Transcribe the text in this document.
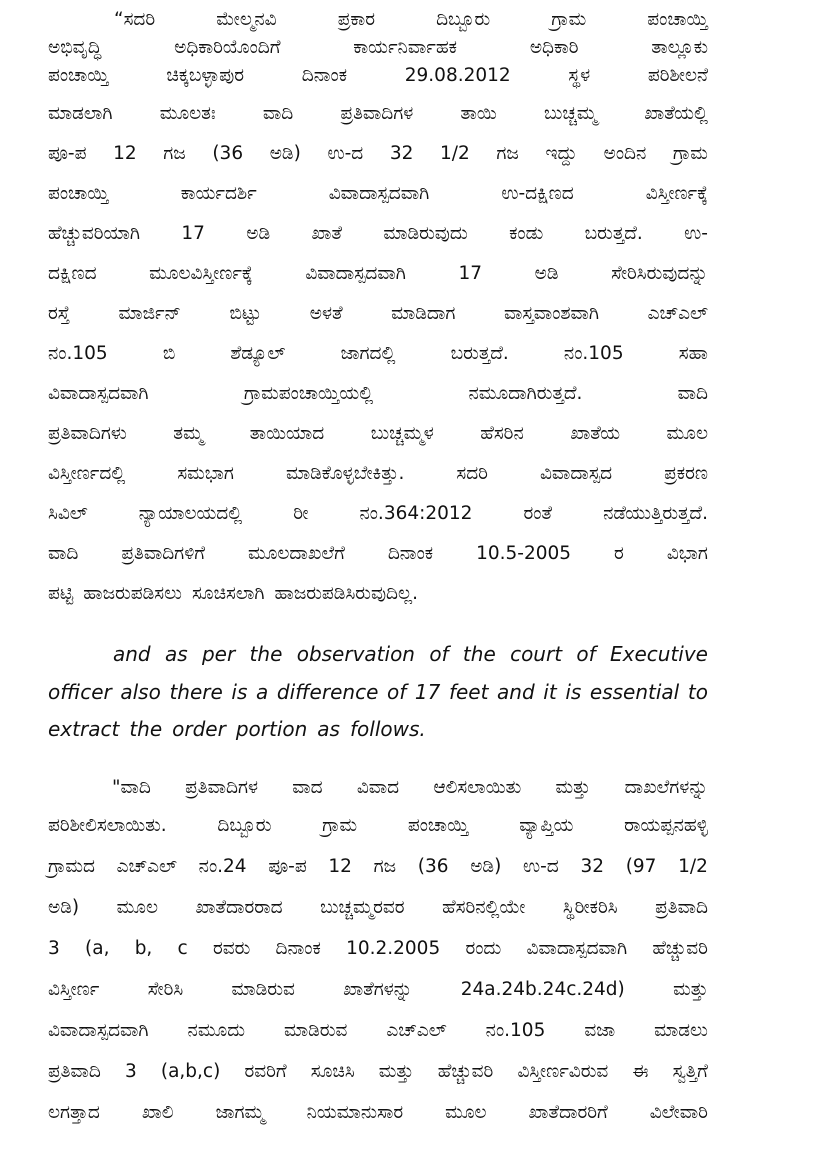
“ಸದರಿ	ಮೇಲ್ಮನವಿ	ಪ್ರಕಾರ	ದಿಬ್ಬೂರು	ಗ್ರಾಮ	ಪಂಚಾಯ್ತಿ
ಅಭಿವೃದ್ಧಿ	ಅಧಿಕಾರಿಯೊಂದಿಗೆ	ಕಾರ್ಯನಿರ್ವಾಹಕ	ಅಧಿಕಾರಿ	ತಾಲ್ಲೂಕು
ಪಂಚಾಯ್ತಿ	ಚಿಕ್ಕಬಳ್ಳಾಪುರ	ದಿನಾಂಕ	29.08.2012	ಸ್ಥಳ	ಪರಿಶೀಲನೆ
ಮಾಡಲಾಗಿ	ಮೂಲತಃ	ವಾದಿ	ಪ್ರತಿವಾದಿಗಳ	ತಾಯಿ	ಬುಚ್ಚಮ್ಮ	ಖಾತೆಯಲ್ಲಿ
ಪೂ-ಪ 12 ಗಜ (36 ಅಡಿ) ಉ-ದ 32 1/2 ಗಜ ಇದ್ದು ಅಂದಿನ ಗ್ರಾಮ
ಪಂಚಾಯ್ತಿ	ಕಾರ್ಯದರ್ಶಿ	ವಿವಾದಾಸ್ಪದವಾಗಿ	ಉ-ದಕ್ಷಿಣದ	ವಿಸ್ತೀರ್ಣಕ್ಕೆ
ಹೆಚ್ಚುವರಿಯಾಗಿ 17 ಅಡಿ ಖಾತೆ ಮಾಡಿರುವುದು ಕಂಡು ಬರುತ್ತದೆ. ಉ-
ದಕ್ಷಿಣದ	ಮೂಲವಿಸ್ತೀರ್ಣಕ್ಕೆ	ವಿವಾದಾಸ್ಪದವಾಗಿ	17	ಅಡಿ	ಸೇರಿಸಿರುವುದನ್ನು
ರಸ್ತೆ	ಮಾರ್ಜಿನ್	ಬಿಟ್ಟು	ಅಳತೆ	ಮಾಡಿದಾಗ	ವಾಸ್ತವಾಂಶವಾಗಿ	ಎಚ್‌ಎಲ್
ನಂ.105	ಬಿ	ಶೆಡ್ಯೂಲ್	ಜಾಗದಲ್ಲಿ	ಬರುತ್ತದೆ.	ನಂ.105	ಸಹಾ
ವಿವಾದಾಸ್ಪದವಾಗಿ	ಗ್ರಾಮಪಂಚಾಯ್ತಿಯಲ್ಲಿ	ನಮೂದಾಗಿರುತ್ತದೆ.	ವಾದಿ
ಪ್ರತಿವಾದಿಗಳು	ತಮ್ಮ	ತಾಯಿಯಾದ	ಬುಚ್ಚಮ್ಮಳ	ಹೆಸರಿನ	ಖಾತೆಯ	ಮೂಲ
ವಿಸ್ತೀರ್ಣದಲ್ಲಿ	ಸಮಭಾಗ	ಮಾಡಿಕೊಳ್ಳಬೇಕಿತ್ತು.	ಸದರಿ	ವಿವಾದಾಸ್ಪದ	ಪ್ರಕರಣ
ಸಿವಿಲ್	ನ್ಯಾಯಾಲಯದಲ್ಲಿ	ರೀ	ನಂ.364:2012	ರಂತೆ	ನಡೆಯುತ್ತಿರುತ್ತದೆ.
ವಾದಿ ಪ್ರತಿವಾದಿಗಳಿಗೆ ಮೂಲದಾಖಲೆಗೆ ದಿನಾಂಕ 10.5-2005 ರ ವಿಭಾಗ
ಪಟ್ಟಿ ಹಾಜರುಪಡಿಸಲು ಸೂಚಿಸಲಾಗಿ ಹಾಜರುಪಡಿಸಿರುವುದಿಲ್ಲ.
and as per the observation of the court of Executive
officer also there is a difference of 17 feet and it is essential to
extract the order portion as follows.
"ವಾದಿ ಪ್ರತಿವಾದಿಗಳ ವಾದ ವಿವಾದ ಆಲಿಸಲಾಯಿತು ಮತ್ತು ದಾಖಲೆಗಳನ್ನು
ಪರಿಶೀಲಿಸಲಾಯಿತು.	ದಿಬ್ಬೂರು	ಗ್ರಾಮ	ಪಂಚಾಯ್ತಿ	ವ್ಯಾಪ್ತಿಯ	ರಾಯಪ್ಪನಹಳ್ಳಿ
ಗ್ರಾಮದ ಎಚ್‌ಎಲ್ ನಂ.24 ಪೂ-ಪ 12 ಗಜ (36 ಅಡಿ) ಉ-ದ 32 (97 1/2
ಅಡಿ) ಮೂಲ ಖಾತೆದಾರರಾದ ಬುಚ್ಚಮ್ಮರವರ ಹೆಸರಿನಲ್ಲಿಯೇ ಸ್ಥಿರೀಕರಿಸಿ ಪ್ರತಿವಾದಿ
3 (a, b, c ರವರು ದಿನಾಂಕ 10.2.2005 ರಂದು ವಿವಾದಾಸ್ಪದವಾಗಿ ಹೆಚ್ಚುವರಿ
ವಿಸ್ತೀರ್ಣ	ಸೇರಿಸಿ	ಮಾಡಿರುವ	ಖಾತೆಗಳನ್ನು	24a.24b.24c.24d)	ಮತ್ತು
ವಿವಾದಾಸ್ಪದವಾಗಿ ನಮೂದು ಮಾಡಿರುವ ಎಚ್‌ಎಲ್ ನಂ.105 ವಜಾ ಮಾಡಲು
ಪ್ರತಿವಾದಿ 3 (a,b,c) ರವರಿಗೆ ಸೂಚಿಸಿ ಮತ್ತು ಹೆಚ್ಚುವರಿ ವಿಸ್ತೀರ್ಣವಿರುವ ಈ ಸ್ವತ್ತಿಗೆ
ಲಗತ್ತಾದ ಖಾಲಿ ಜಾಗಮ್ಮ ನಿಯಮಾನುಸಾರ ಮೂಲ ಖಾತೆದಾರರಿಗೆ ವಿಲೇವಾರಿ
